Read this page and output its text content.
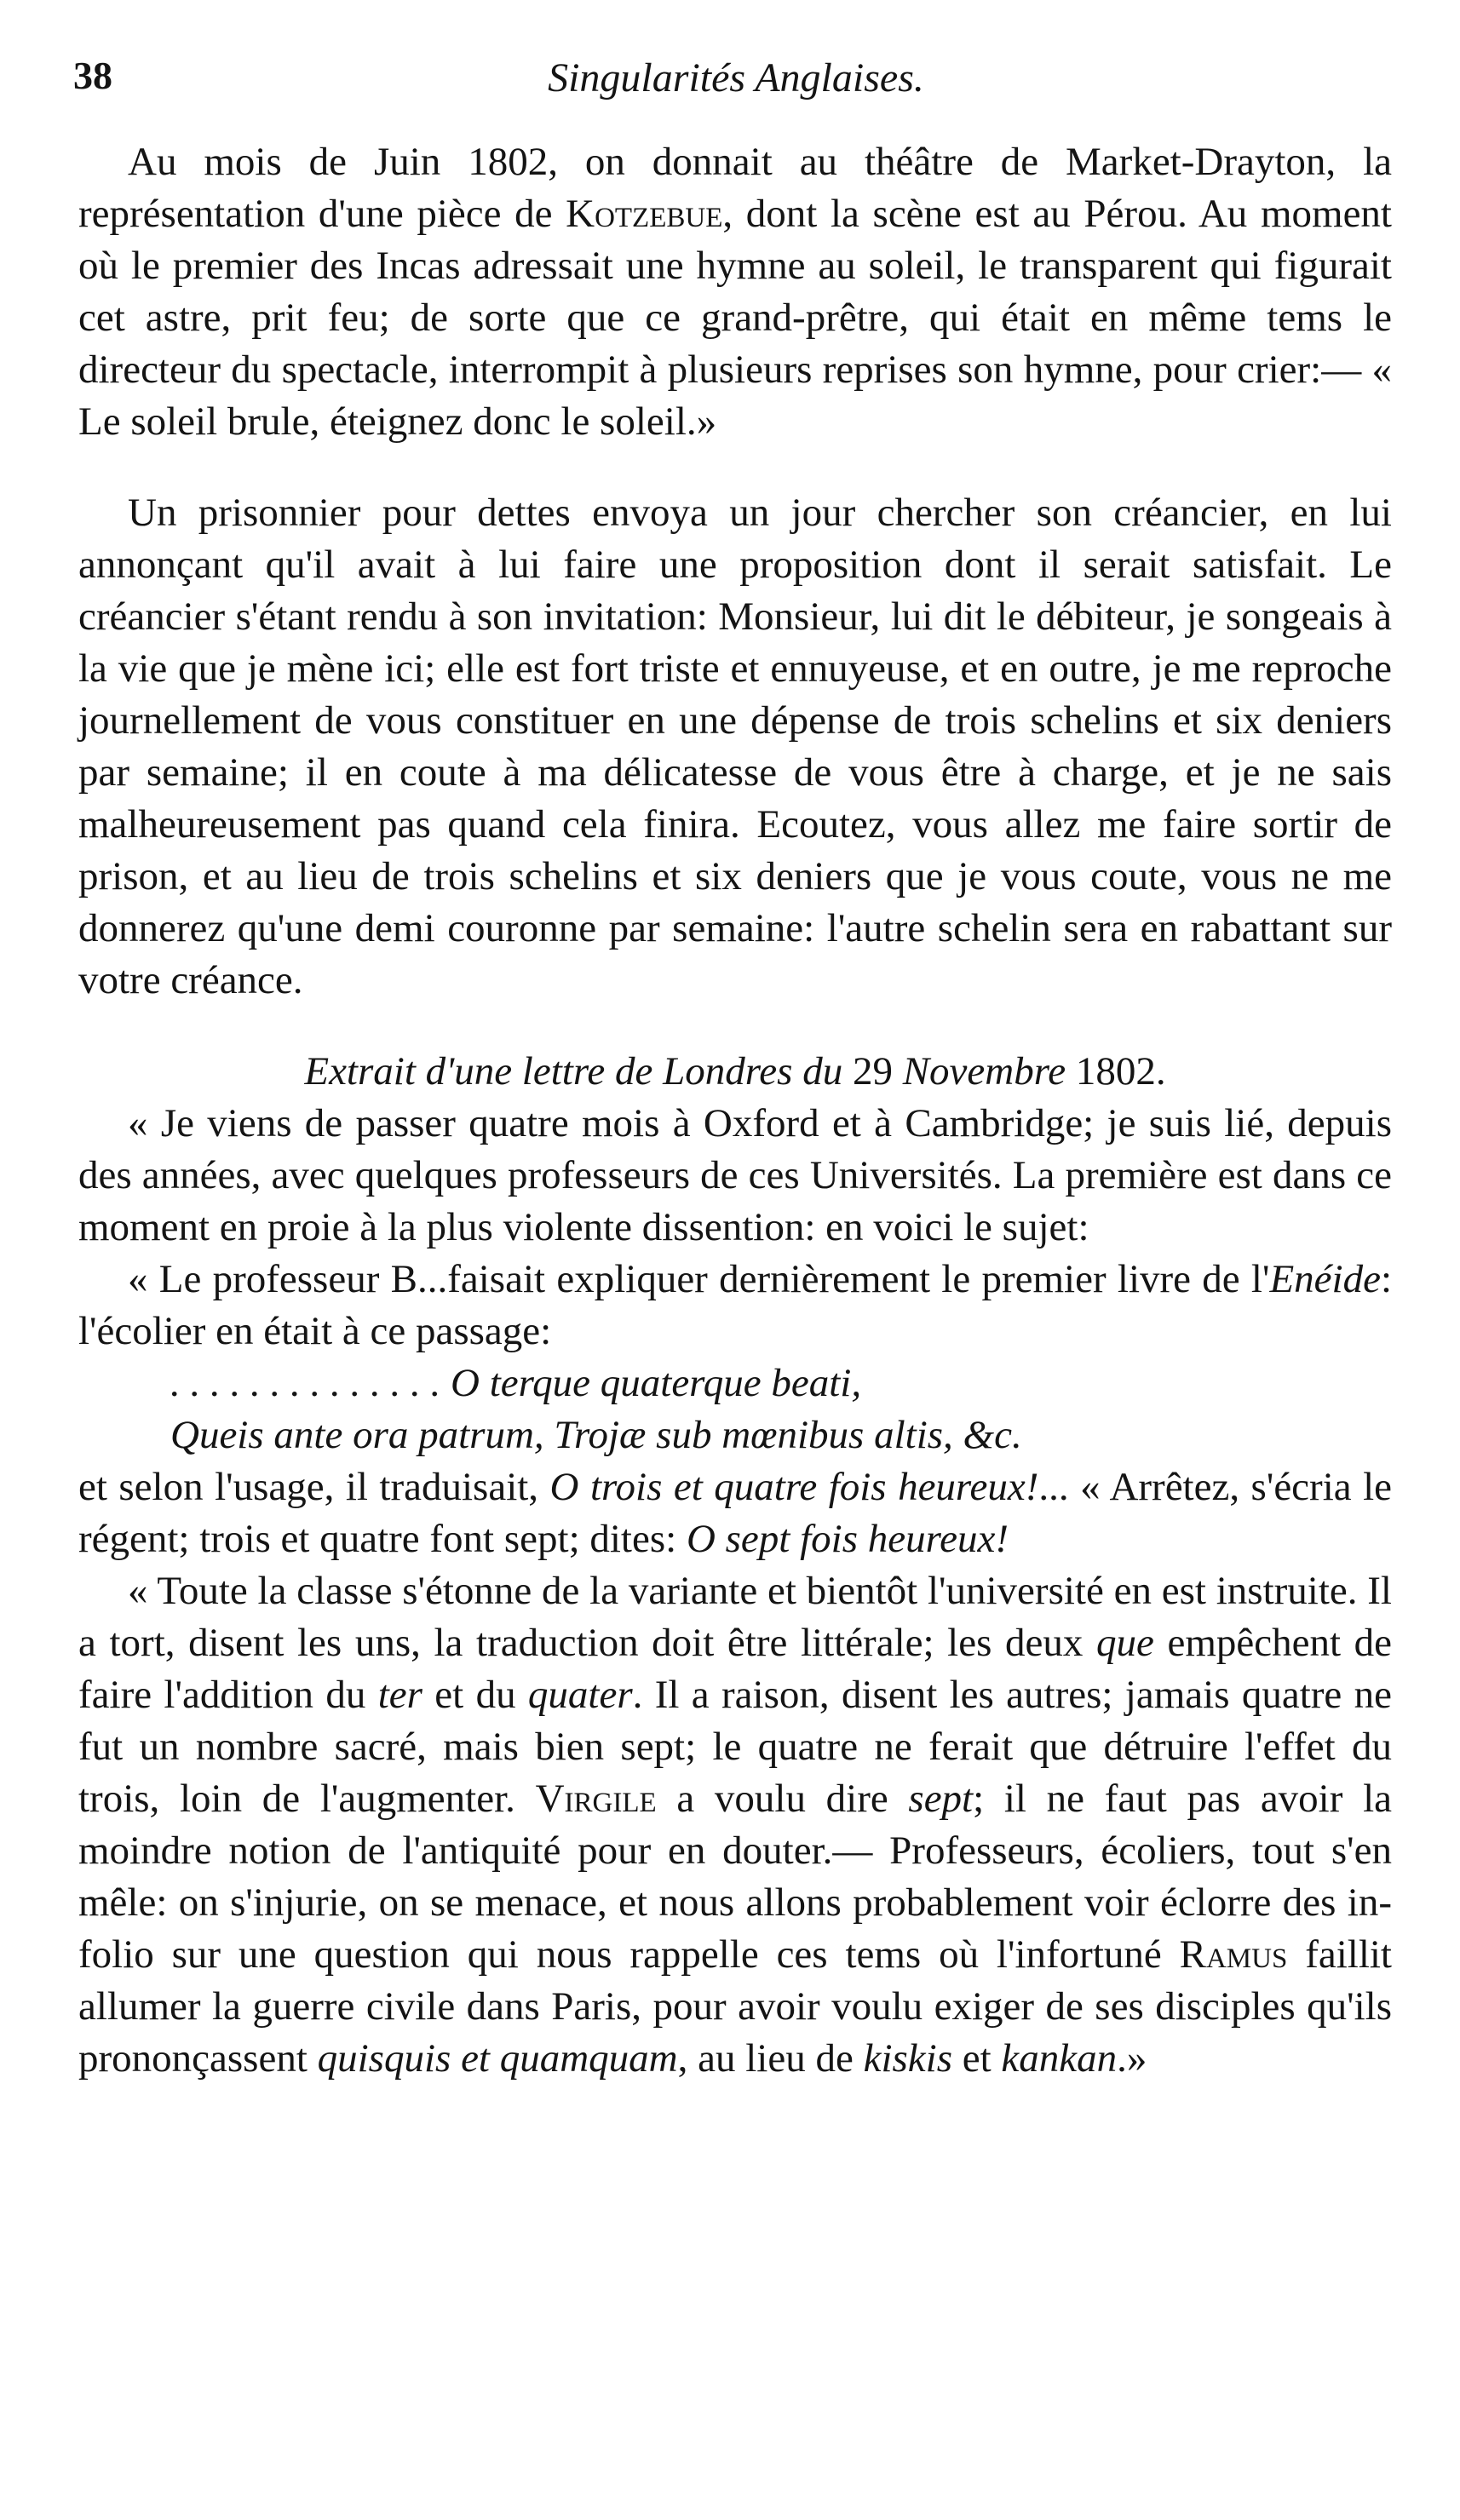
38	Singularités Anglaises.

Au mois de Juin 1802, on donnait au théâtre de Market-Drayton, la représentation d'une pièce de Kotzebue, dont la scène est au Pérou. Au moment où le premier des Incas adressait une hymne au soleil, le transparent qui figurait cet astre, prit feu; de sorte que ce grand-prêtre, qui était en même tems le directeur du spectacle, interrompit à plusieurs reprises son hymne, pour crier:— « Le soleil brule, éteignez donc le soleil.»

Un prisonnier pour dettes envoya un jour chercher son créancier, en lui annonçant qu'il avait à lui faire une proposition dont il serait satisfait. Le créancier s'étant rendu à son invitation: Monsieur, lui dit le débiteur, je songeais à la vie que je mène ici; elle est fort triste et ennuyeuse, et en outre, je me reproche journellement de vous constituer en une dépense de trois schelins et six deniers par semaine; il en coute à ma délicatesse de vous être à charge, et je ne sais malheureusement pas quand cela finira. Ecoutez, vous allez me faire sortir de prison, et au lieu de trois schelins et six deniers que je vous coute, vous ne me donnerez qu'une demi couronne par semaine: l'autre schelin sera en rabattant sur votre créance.

Extrait d'une lettre de Londres du 29 Novembre 1802.

« Je viens de passer quatre mois à Oxford et à Cambridge; je suis lié, depuis des années, avec quelques professeurs de ces Universités. La première est dans ce moment en proie à la plus violente dissention: en voici le sujet:

« Le professeur B...faisait expliquer dernièrement le premier livre de l'Enéide: l'écolier en était à ce passage:

. . . . . . . . . . . . . . O terque quaterque beati,

Queis ante ora patrum, Trojæ sub mœnibus altis, &c.

et selon l'usage, il traduisait, O trois et quatre fois heureux!... « Arrêtez, s'écria le régent; trois et quatre font sept; dites: O sept fois heureux!

« Toute la classe s'étonne de la variante et bientôt l'université en est instruite. Il a tort, disent les uns, la traduction doit être littérale; les deux que empêchent de faire l'addition du ter et du quater. Il a raison, disent les autres; jamais quatre ne fut un nombre sacré, mais bien sept; le quatre ne ferait que détruire l'effet du trois, loin de l'augmenter. Virgile a voulu dire sept; il ne faut pas avoir la moindre notion de l'antiquité pour en douter.— Professeurs, écoliers, tout s'en mêle: on s'injurie, on se menace, et nous allons probablement voir éclorre des in-folio sur une question qui nous rappelle ces tems où l'infortuné Ramus faillit allumer la guerre civile dans Paris, pour avoir voulu exiger de ses disciples qu'ils prononçassent quisquis et quamquam, au lieu de kiskis et kankan.»
